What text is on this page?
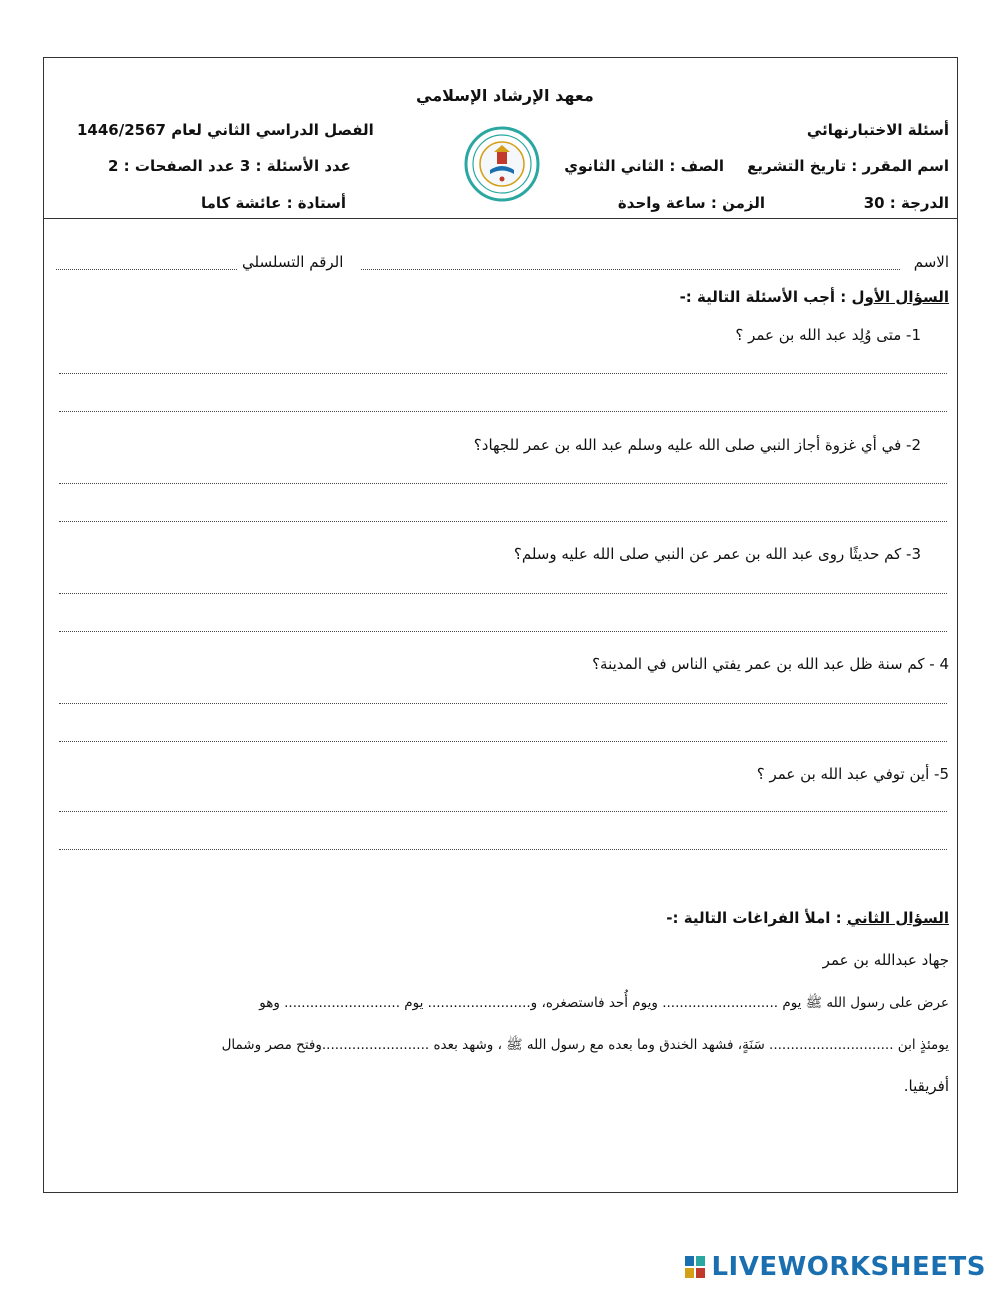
معهد الإرشاد الإسلامي
أسئلة الاختبارنهائي
اسم المقرر : تاريخ التشريع
الصف : الثاني الثانوي
الدرجة : 30
الزمن : ساعة واحدة
الفصل الدراسي الثاني لعام 1446/2567
عدد الأسئلة : 3 عدد الصفحات : 2
أستادة : عائشة كاما
الاسم
الرقم التسلسلي
السؤال الأول : أجب الأسئلة التالية :-
1- متى وُلِد عبد الله بن عمر ؟
2- في أي غزوة أجاز النبي صلى الله عليه وسلم عبد الله بن عمر للجهاد؟
3- كم حديثًا روى عبد الله بن عمر عن النبي صلى الله عليه وسلم؟
4 - كم سنة ظل عبد الله بن عمر يفتي الناس في المدينة؟
5- أين توفي عبد الله بن عمر ؟
السؤال الثاني : املأ الفراغات التالية :-
جهاد عبدالله بن عمر
عرض على رسول الله ﷺ يوم ........................... ويوم أُحد فاستصغره، و........................ يوم ........................... وهو
يومئذٍ ابن ............................. سَنَةٍ، فشهد الخندق وما بعده مع رسول الله ﷺ ، وشهد بعده .........................وفتح مصر وشمال
أفريقيا.
LIVEWORKSHEETS
